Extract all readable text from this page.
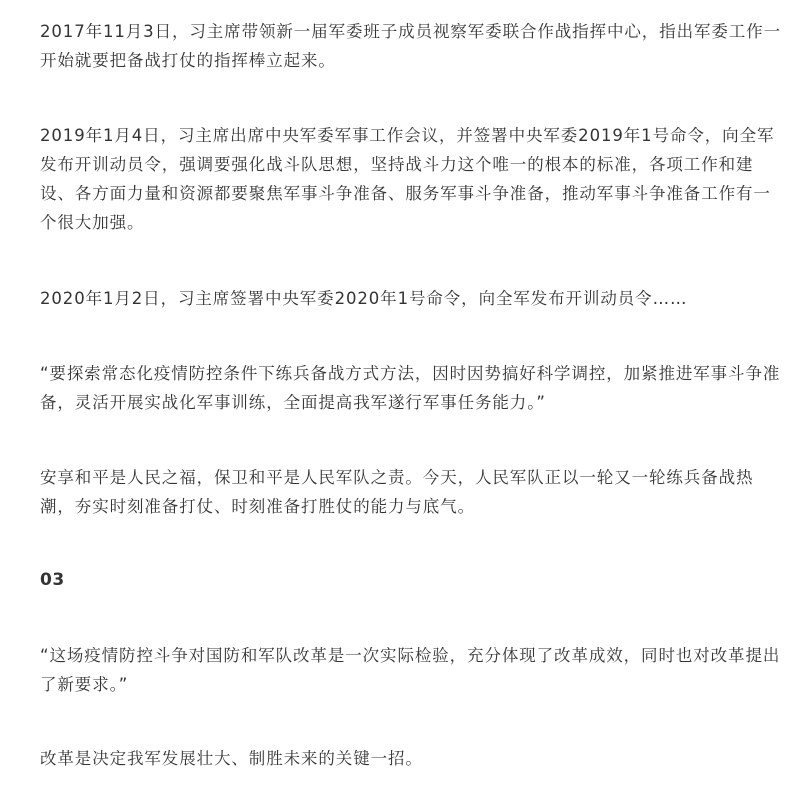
2017年11月3日，习主席带领新一届军委班子成员视察军委联合作战指挥中心，指出军委工作一开始就要把备战打仗的指挥棒立起来。

2019年1月4日，习主席出席中央军委军事工作会议，并签署中央军委2019年1号命令，向全军发布开训动员令，强调要强化战斗队思想，坚持战斗力这个唯一的根本的标准，各项工作和建设、各方面力量和资源都要聚焦军事斗争准备、服务军事斗争准备，推动军事斗争准备工作有一个很大加强。

2020年1月2日，习主席签署中央军委2020年1号命令，向全军发布开训动员令……

“要探索常态化疫情防控条件下练兵备战方式方法，因时因势搞好科学调控，加紧推进军事斗争准备，灵活开展实战化军事训练，全面提高我军遂行军事任务能力。”

安享和平是人民之福，保卫和平是人民军队之责。今天，人民军队正以一轮又一轮练兵备战热潮，夯实时刻准备打仗、时刻准备打胜仗的能力与底气。

03

“这场疫情防控斗争对国防和军队改革是一次实际检验，充分体现了改革成效，同时也对改革提出了新要求。”

改革是决定我军发展壮大、制胜未来的关键一招。
